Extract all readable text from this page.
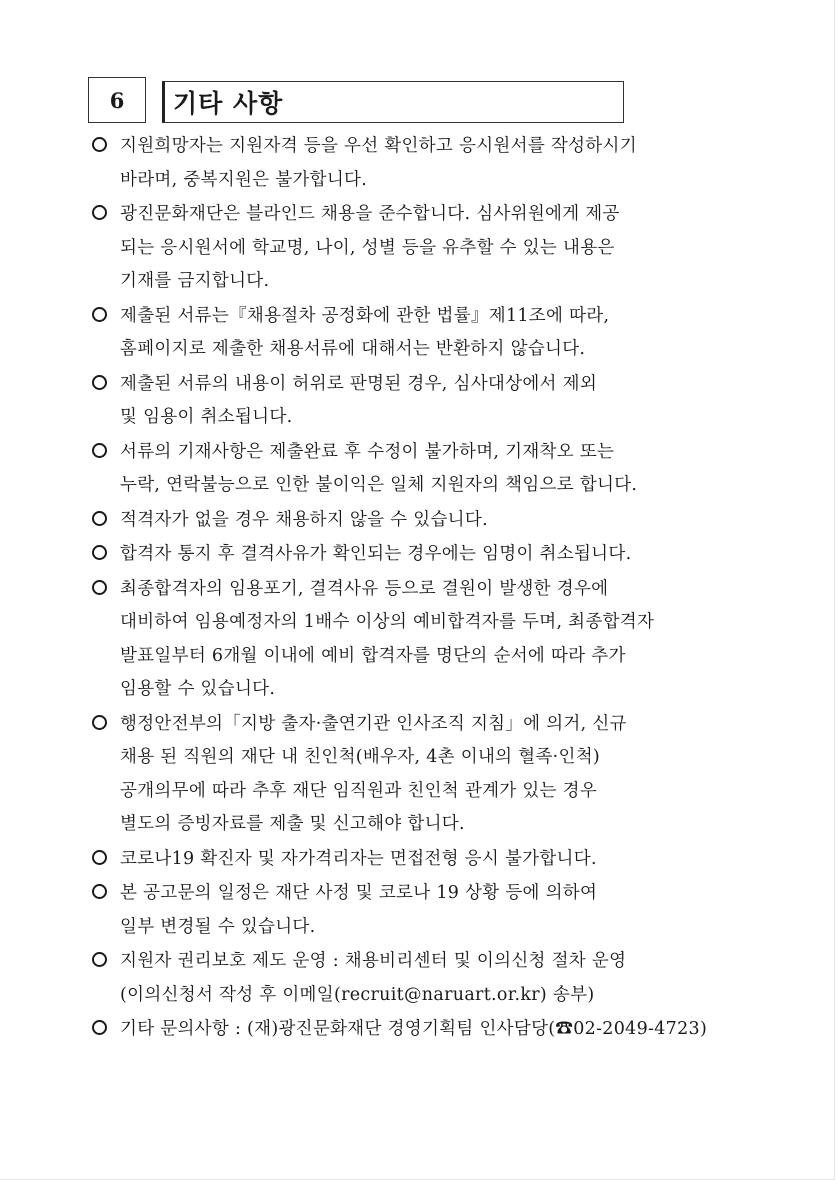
6	기타 사항
지원희망자는 지원자격 등을 우선 확인하고 응시원서를 작성하시기
바라며, 중복지원은 불가합니다.
광진문화재단은 블라인드 채용을 준수합니다. 심사위원에게 제공
되는 응시원서에 학교명, 나이, 성별 등을 유추할 수 있는 내용은
기재를 금지합니다.
제출된 서류는『채용절차 공정화에 관한 법률』제11조에 따라,
홈페이지로 제출한 채용서류에 대해서는 반환하지 않습니다.
제출된 서류의 내용이 허위로 판명된 경우, 심사대상에서 제외
및 임용이 취소됩니다.
서류의 기재사항은 제출완료 후 수정이 불가하며, 기재착오 또는
누락, 연락불능으로 인한 불이익은 일체 지원자의 책임으로 합니다.
적격자가 없을 경우 채용하지 않을 수 있습니다.
합격자 통지 후 결격사유가 확인되는 경우에는 임명이 취소됩니다.
최종합격자의 임용포기, 결격사유 등으로 결원이 발생한 경우에
대비하여 임용예정자의 1배수 이상의 예비합격자를 두며, 최종합격자
발표일부터 6개월 이내에 예비 합격자를 명단의 순서에 따라 추가
임용할 수 있습니다.
행정안전부의「지방 출자·출연기관 인사조직 지침」에 의거, 신규
채용 된 직원의 재단 내 친인척(배우자, 4촌 이내의 혈족·인척)
공개의무에 따라 추후 재단 임직원과 친인척 관계가 있는 경우
별도의 증빙자료를 제출 및 신고해야 합니다.
코로나19 확진자 및 자가격리자는 면접전형 응시 불가합니다.
본 공고문의 일정은 재단 사정 및 코로나 19 상황 등에 의하여
일부 변경될 수 있습니다.
지원자 권리보호 제도 운영 : 채용비리센터 및 이의신청 절차 운영
(이의신청서 작성 후 이메일(recruit@naruart.or.kr) 송부)
기타 문의사항 : (재)광진문화재단 경영기획팀 인사담당(☎02-2049-4723)
